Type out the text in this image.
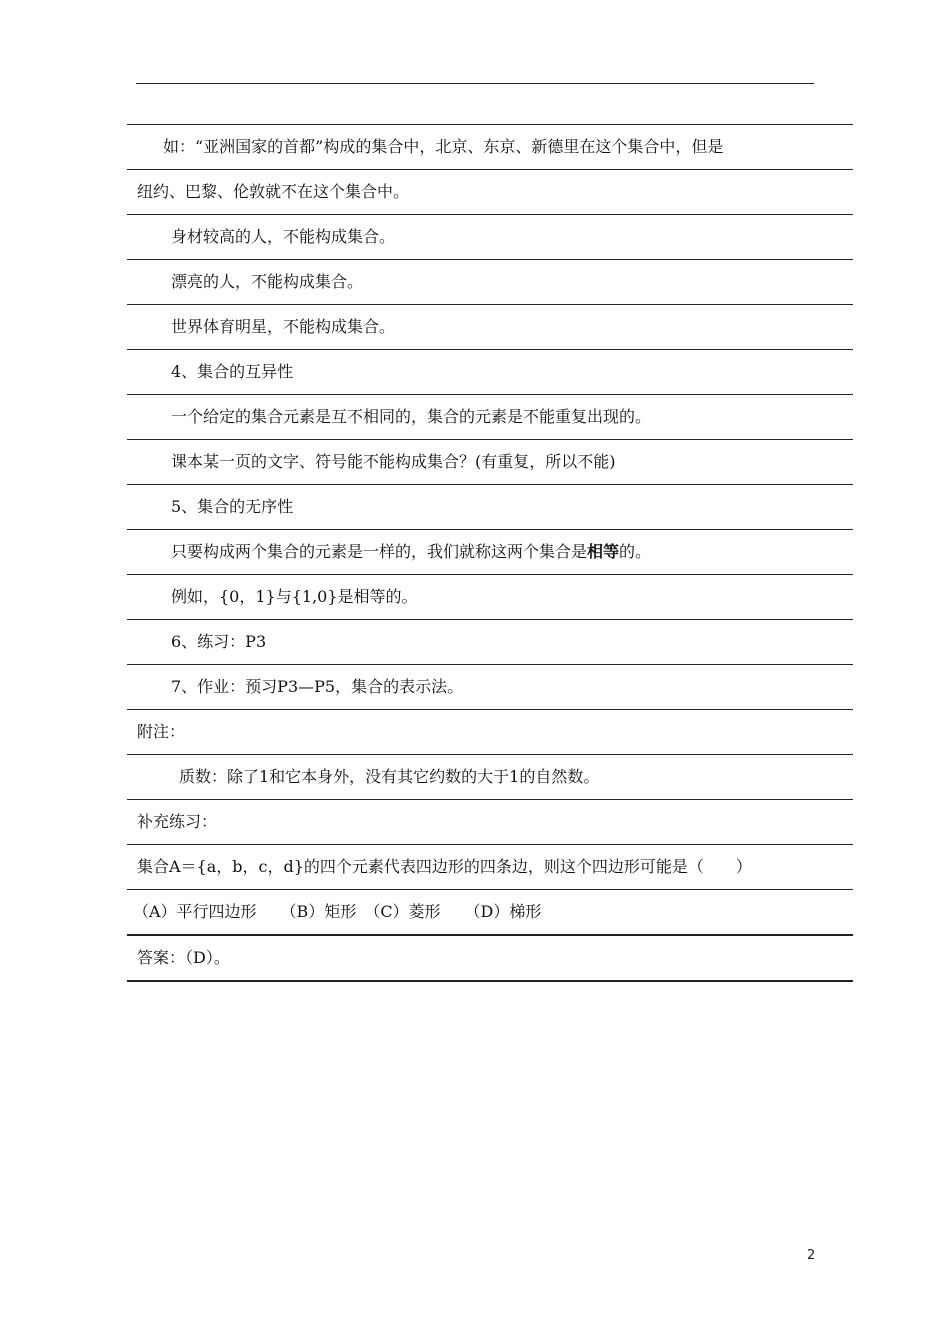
如：“亚洲国家的首都”构成的集合中，北京、东京、新德里在这个集合中，但是
纽约、巴黎、伦敦就不在这个集合中。
身材较高的人，不能构成集合。
漂亮的人，不能构成集合。
世界体育明星，不能构成集合。
4、集合的互异性
一个给定的集合元素是互不相同的，集合的元素是不能重复出现的。
课本某一页的文字、符号能不能构成集合？(有重复，所以不能)
5、集合的无序性
只要构成两个集合的元素是一样的，我们就称这两个集合是相等的。
例如，{0，1}与{1,0}是相等的。
6、练习：P3
7、作业：预习P3—P5，集合的表示法。
附注：
质数：除了1和它本身外，没有其它约数的大于1的自然数。
补充练习：
集合A＝{a，b，c，d}的四个元素代表四边形的四条边，则这个四边形可能是（　　）
（A）平行四边形　　（B）矩形　（C）菱形　　（D）梯形
答案：（D）。
2
